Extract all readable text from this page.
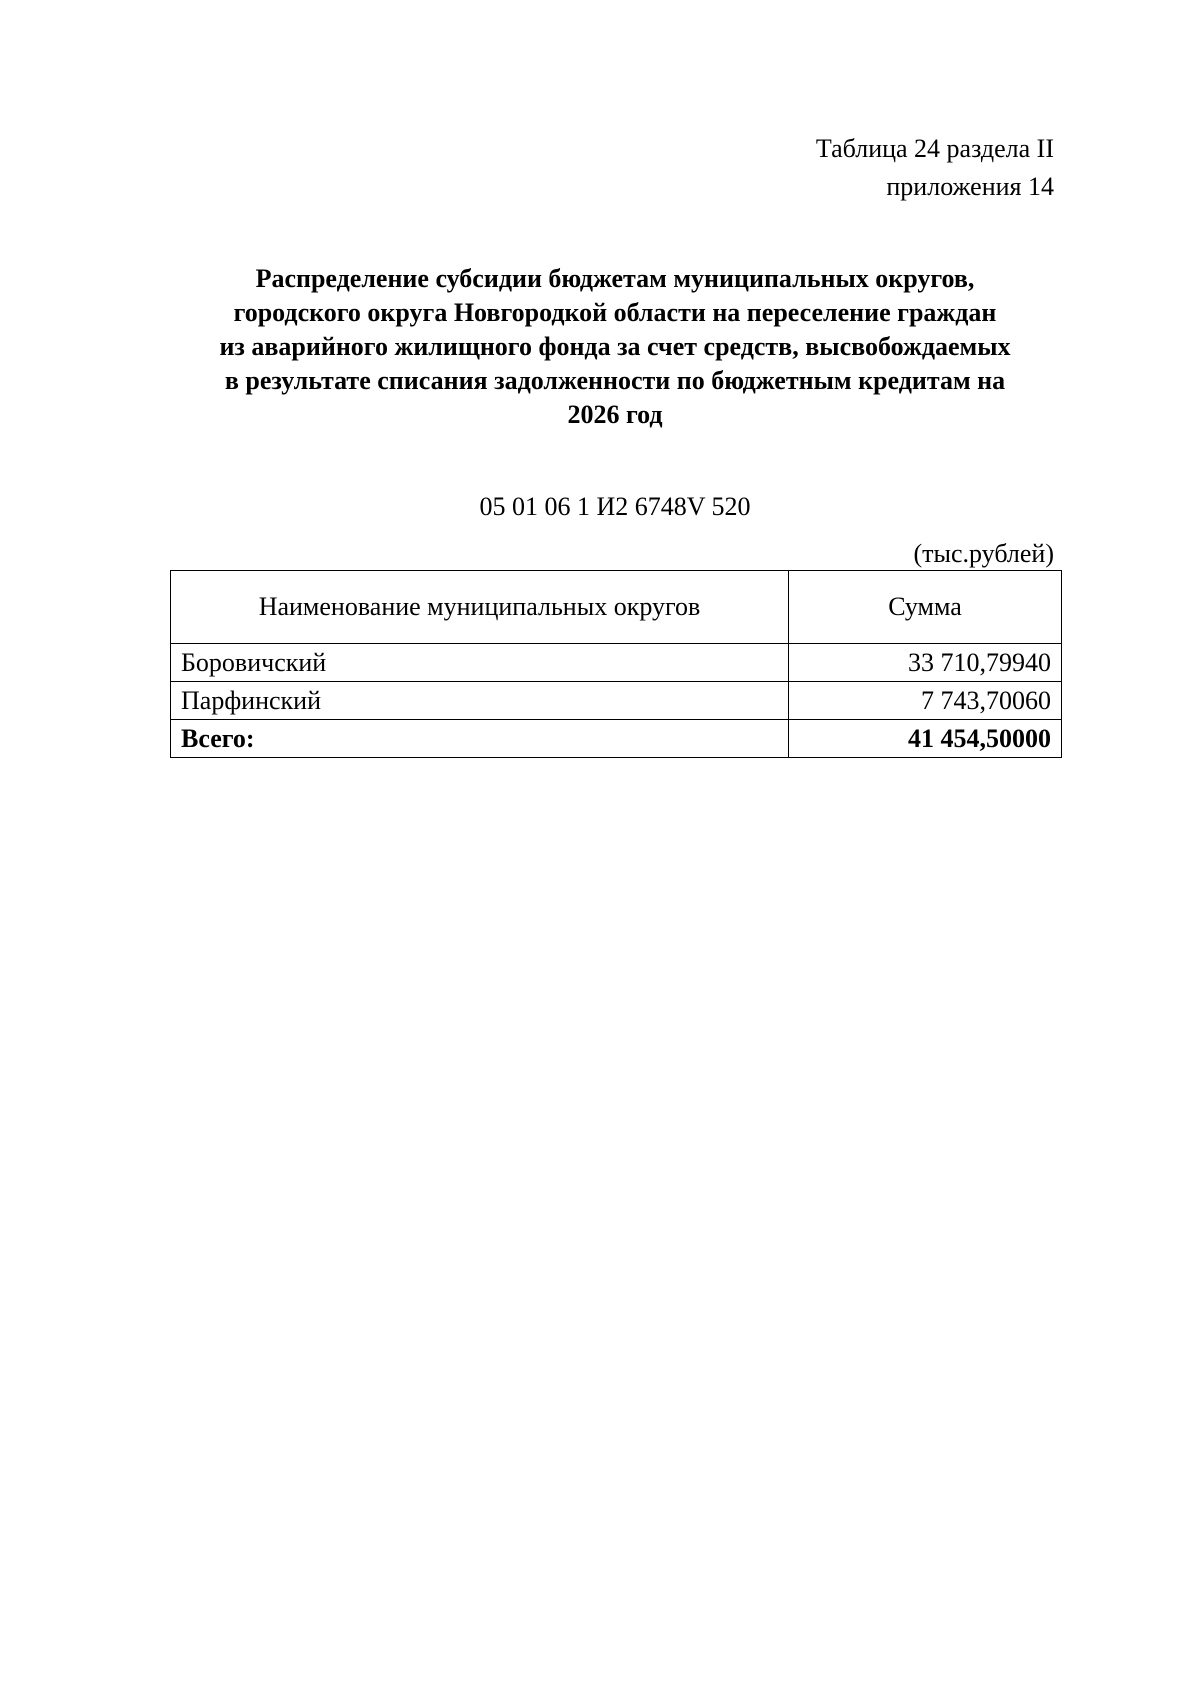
Таблица 24 раздела II
приложения 14
Распределение субсидии бюджетам муниципальных округов,
городского округа Новгородкой области на переселение граждан
из аварийного жилищного фонда за счет средств, высвобождаемых
в результате списания задолженности по бюджетным кредитам на
2026 год
05 01 06 1 И2 6748V 520
(тыс.рублей)
Наименование муниципальных округов	Сумма
Боровичский	33 710,79940
Парфинский	7 743,70060
Всего:	41 454,50000
